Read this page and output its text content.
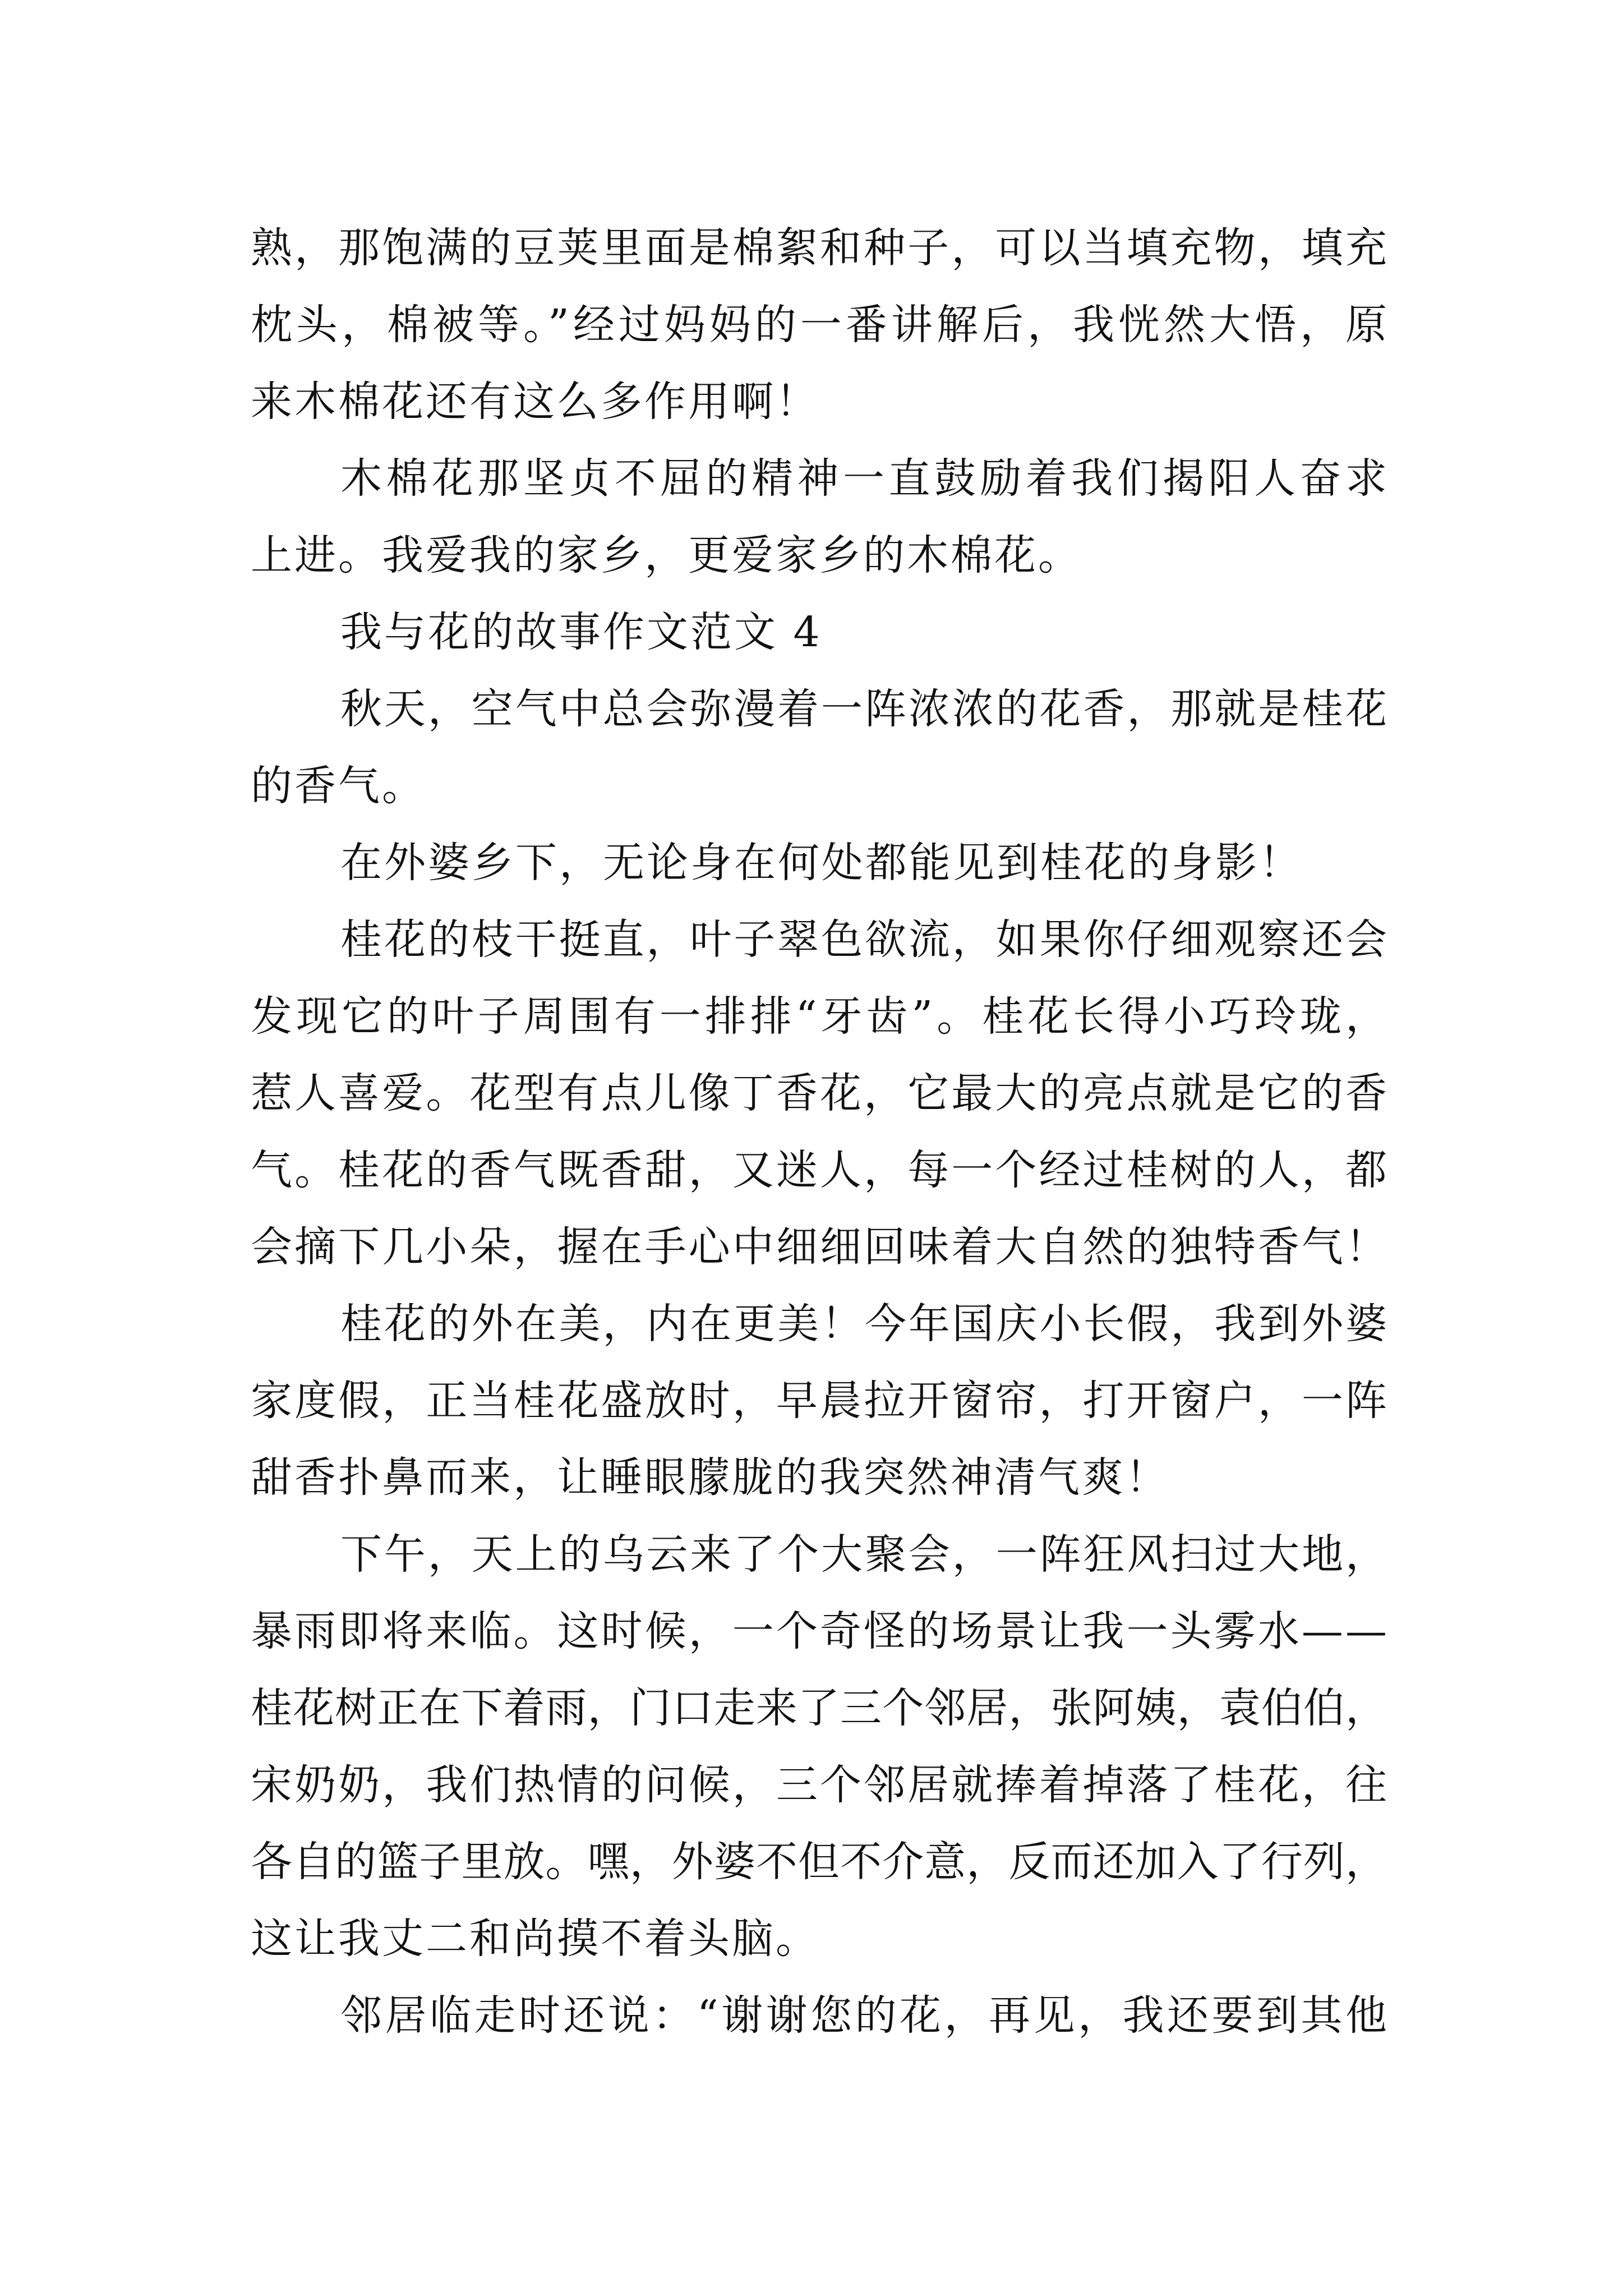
熟，那饱满的豆荚里面是棉絮和种子，可以当填充物，填充
枕头，棉被等。”经过妈妈的一番讲解后，我恍然大悟，原
来木棉花还有这么多作用啊！
木棉花那坚贞不屈的精神一直鼓励着我们揭阳人奋求
上进。我爱我的家乡，更爱家乡的木棉花。
我与花的故事作文范文 4
秋天，空气中总会弥漫着一阵浓浓的花香，那就是桂花
的香气。
在外婆乡下，无论身在何处都能见到桂花的身影！
桂花的枝干挺直，叶子翠色欲流，如果你仔细观察还会
发现它的叶子周围有一排排“牙齿”。桂花长得小巧玲珑，
惹人喜爱。花型有点儿像丁香花，它最大的亮点就是它的香
气。桂花的香气既香甜，又迷人，每一个经过桂树的人，都
会摘下几小朵，握在手心中细细回味着大自然的独特香气！
桂花的外在美，内在更美！今年国庆小长假，我到外婆
家度假，正当桂花盛放时，早晨拉开窗帘，打开窗户，一阵
甜香扑鼻而来，让睡眼朦胧的我突然神清气爽！
下午，天上的乌云来了个大聚会，一阵狂风扫过大地，
暴雨即将来临。这时候，一个奇怪的场景让我一头雾水——
桂花树正在下着雨，门口走来了三个邻居，张阿姨，袁伯伯，
宋奶奶，我们热情的问候，三个邻居就捧着掉落了桂花，往
各自的篮子里放。嘿，外婆不但不介意，反而还加入了行列，
这让我丈二和尚摸不着头脑。
邻居临走时还说：“谢谢您的花，再见，我还要到其他
